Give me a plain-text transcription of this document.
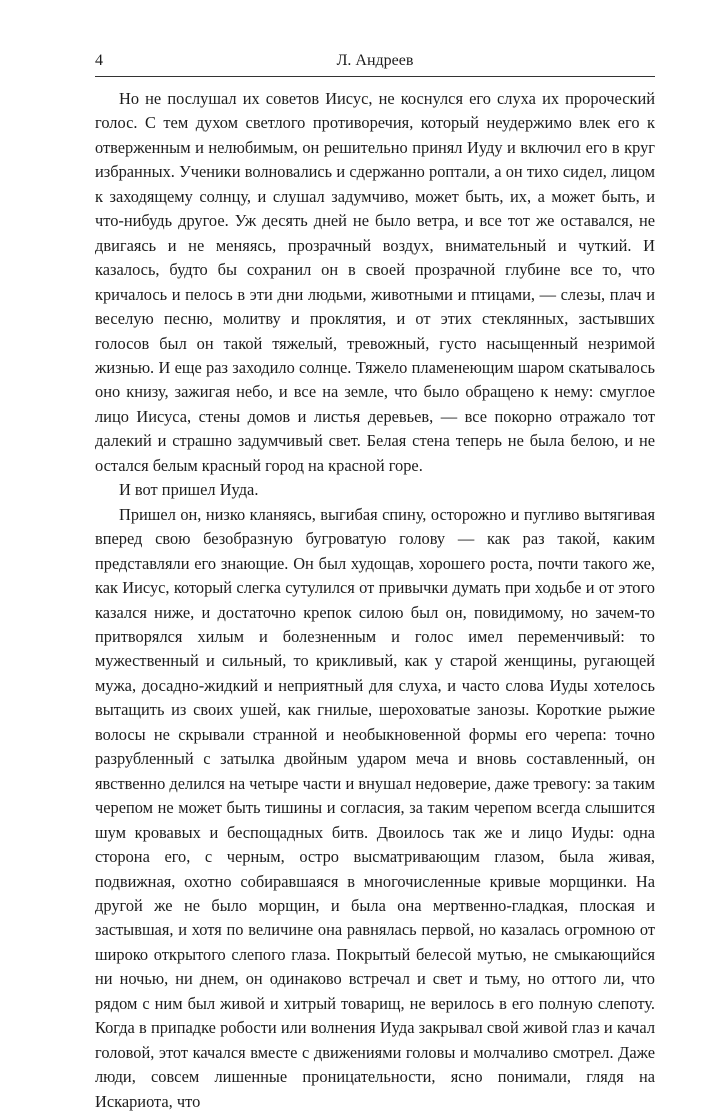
4	Л. Андреев

Но не послушал их советов Иисус, не коснулся его слуха их пророческий голос. С тем духом светлого противоречия, который неудержимо влек его к отверженным и нелюбимым, он решительно принял Иуду и включил его в круг избранных. Ученики волновались и сдержанно роптали, а он тихо сидел, лицом к заходящему солнцу, и слушал задумчиво, может быть, их, а может быть, и что-нибудь другое. Уж десять дней не было ветра, и все тот же оставался, не двигаясь и не меняясь, прозрачный воздух, внимательный и чуткий. И казалось, будто бы сохранил он в своей прозрачной глубине все то, что кричалось и пелось в эти дни людьми, животными и птицами, — слезы, плач и веселую песню, молитву и проклятия, и от этих стеклянных, застывших голосов был он такой тяжелый, тревожный, густо насыщенный незримой жизнью. И еще раз заходило солнце. Тяжело пламенеющим шаром скатывалось оно книзу, зажигая небо, и все на земле, что было обращено к нему: смуглое лицо Иисуса, стены домов и листья деревьев, — все покорно отражало тот далекий и страшно задумчивый свет. Белая стена теперь не была белою, и не остался белым красный город на красной горе.

И вот пришел Иуда.

Пришел он, низко кланяясь, выгибая спину, осторожно и пугливо вытягивая вперед свою безобразную бугроватую голову — как раз такой, каким представляли его знающие. Он был худощав, хорошего роста, почти такого же, как Иисус, который слегка сутулился от привычки думать при ходьбе и от этого казался ниже, и достаточно крепок силою был он, повидимому, но зачем-то притворялся хилым и болезненным и голос имел переменчивый: то мужественный и сильный, то крикливый, как у старой женщины, ругающей мужа, досадно-жидкий и неприятный для слуха, и часто слова Иуды хотелось вытащить из своих ушей, как гнилые, шероховатые занозы. Короткие рыжие волосы не скрывали странной и необыкновенной формы его черепа: точно разрубленный с затылка двойным ударом меча и вновь составленный, он явственно делился на четыре части и внушал недоверие, даже тревогу: за таким черепом не может быть тишины и согласия, за таким черепом всегда слышится шум кровавых и беспощадных битв. Двоилось так же и лицо Иуды: одна сторона его, с черным, остро высматривающим глазом, была живая, подвижная, охотно собиравшаяся в многочисленные кривые морщинки. На другой же не было морщин, и была она мертвенно-гладкая, плоская и застывшая, и хотя по величине она равнялась первой, но казалась огромною от широко открытого слепого глаза. Покрытый белесой мутью, не смыкающийся ни ночью, ни днем, он одинаково встречал и свет и тьму, но оттого ли, что рядом с ним был живой и хитрый товарищ, не верилось в его полную слепоту. Когда в припадке робости или волнения Иуда закрывал свой живой глаз и качал головой, этот качался вместе с движениями головы и молчаливо смотрел. Даже люди, совсем лишенные проницательности, ясно понимали, глядя на Искариота, что
